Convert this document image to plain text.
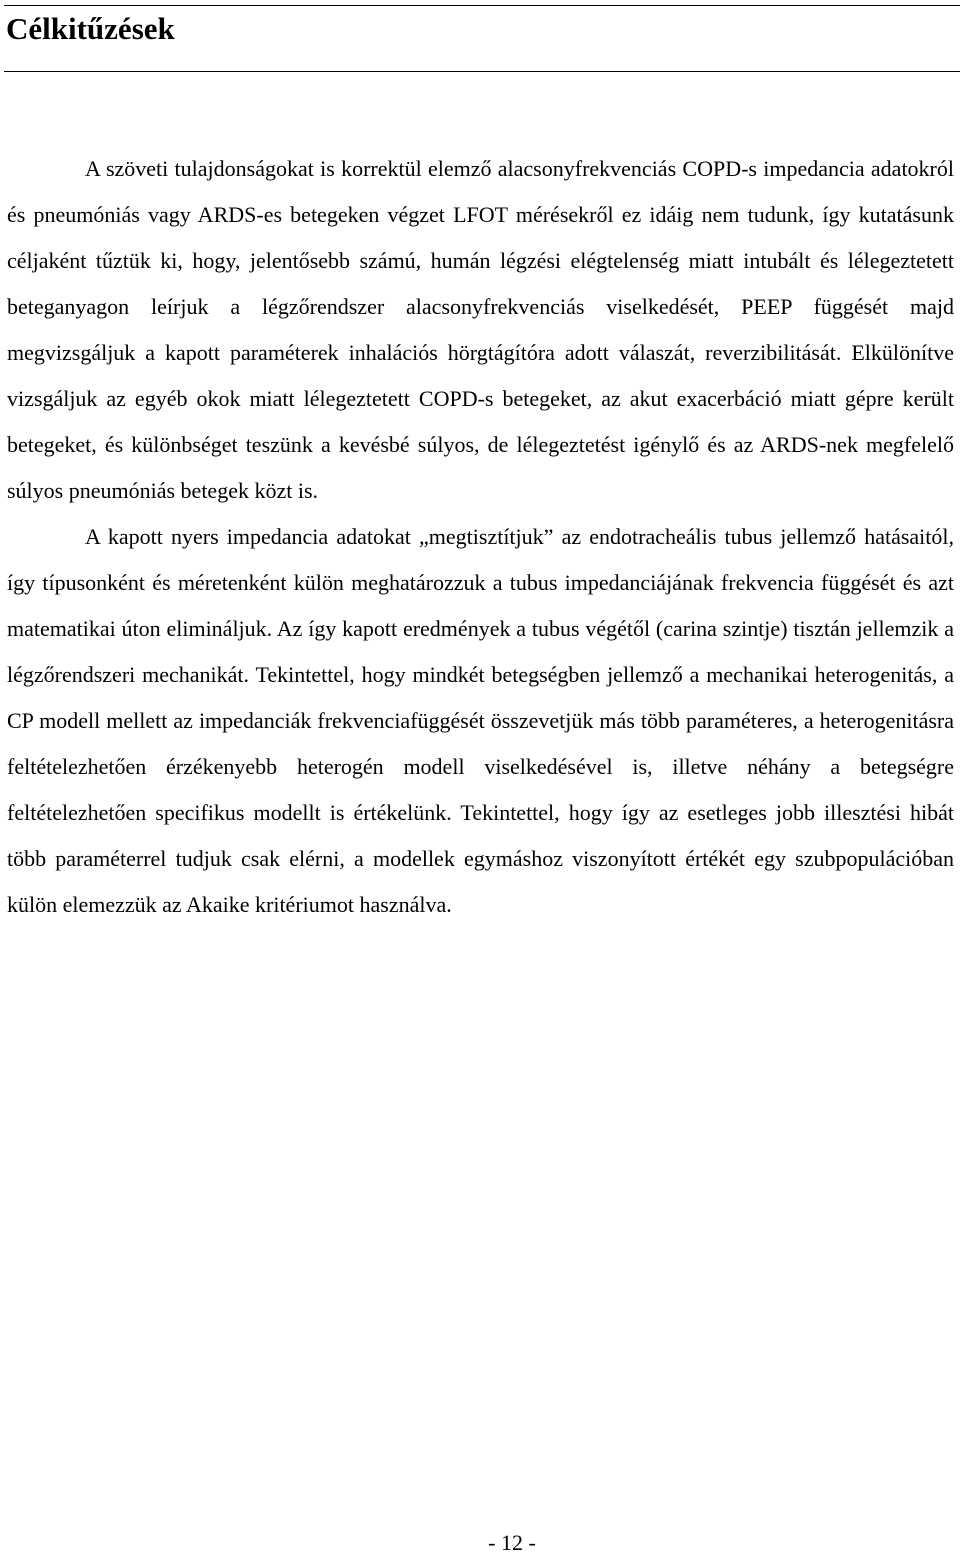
Célkitűzések

A szöveti tulajdonságokat is korrektül elemző alacsonyfrekvenciás COPD-s impedancia adatokról és pneumóniás vagy ARDS-es betegeken végzet LFOT mérésekről ez idáig nem tudunk, így kutatásunk céljaként tűztük ki, hogy, jelentősebb számú, humán légzési elégtelenség miatt intubált és lélegeztetett beteganyagon leírjuk a légzőrendszer alacsonyfrekvenciás viselkedését, PEEP függését majd megvizsgáljuk a kapott paraméterek inhalációs hörgtágítóra adott válaszát, reverzibilitását. Elkülönítve vizsgáljuk az egyéb okok miatt lélegeztetett COPD-s betegeket, az akut exacerbáció miatt gépre került betegeket, és különbséget teszünk a kevésbé súlyos, de lélegeztetést igénylő és az ARDS-nek megfelelő súlyos pneumóniás betegek közt is.

A kapott nyers impedancia adatokat „megtisztítjuk” az endotracheális tubus jellemző hatásaitól, így típusonként és méretenként külön meghatározzuk a tubus impedanciájának frekvencia függését és azt matematikai úton elimináljuk. Az így kapott eredmények a tubus végétől (carina szintje) tisztán jellemzik a légzőrendszeri mechanikát. Tekintettel, hogy mindkét betegségben jellemző a mechanikai heterogenitás, a CP modell mellett az impedanciák frekvenciafüggését összevetjük más több paraméteres, a heterogenitásra feltételezhetően érzékenyebb heterogén modell viselkedésével is, illetve néhány a betegségre feltételezhetően specifikus modellt is értékelünk. Tekintettel, hogy így az esetleges jobb illesztési hibát több paraméterrel tudjuk csak elérni, a modellek egymáshoz viszonyított értékét egy szubpopulációban külön elemezzük az Akaike kritériumot használva.

- 12 -
